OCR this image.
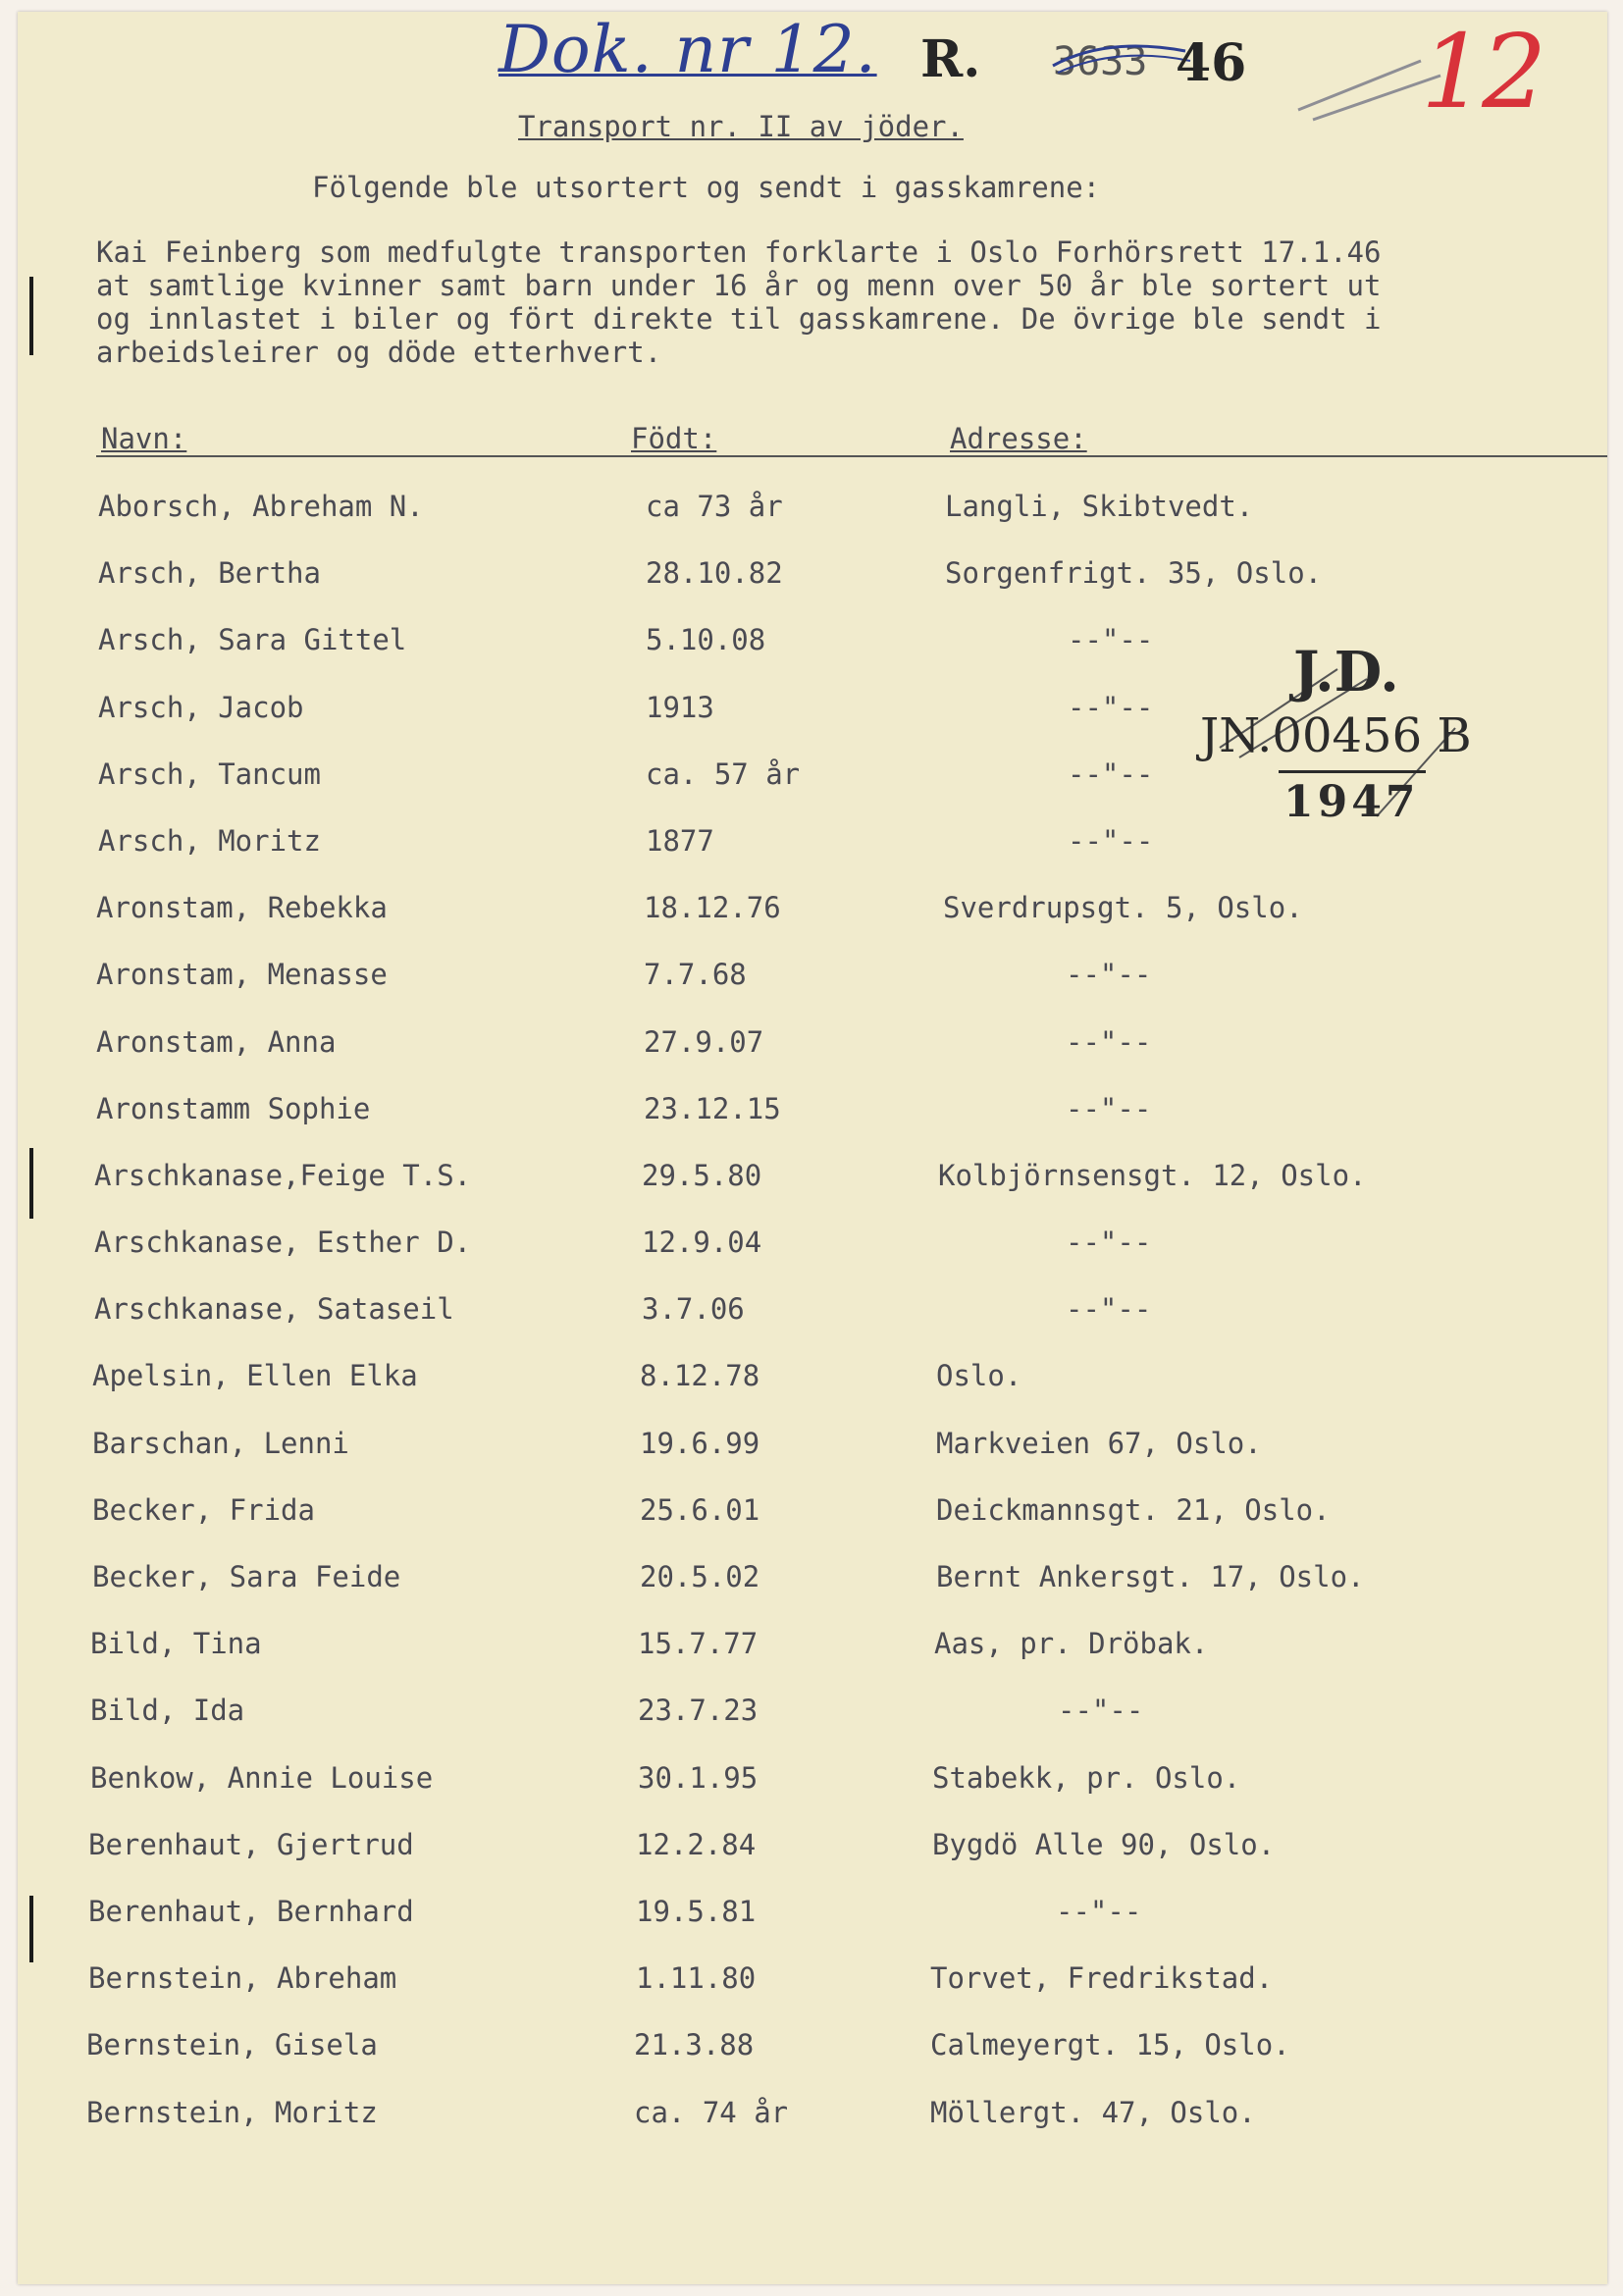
Dok. nr 12. R. 3633 46 12
Transport nr. II av jöder.
Fölgende ble utsortert og sendt i gasskamrene:

Kai Feinberg som medfulgte transporten forklarte i Oslo Forhörsrett 17.1.46
at samtlige kvinner samt barn under 16 år og menn over 50 år ble sortert ut
og innlastet i biler og fört direkte til gasskamrene. De övrige ble sendt i
arbeidsleirer og döde etterhvert.

Navn:	Födt:	Adresse:
Aborsch, Abreham N.	ca 73 år	Langli, Skibtvedt.
Arsch, Bertha	28.10.82	Sorgenfrigt. 35, Oslo.
Arsch, Sara Gittel	5.10.08	--"--
Arsch, Jacob	1913	--"--
Arsch, Tancum	ca. 57 år	--"--
Arsch, Moritz	1877	--"--
Aronstam, Rebekka	18.12.76	Sverdrupsgt. 5, Oslo.
Aronstam, Menasse	7.7.68	--"--
Aronstam, Anna	27.9.07	--"--
Aronstamm Sophie	23.12.15	--"--
Arschkanase,Feige T.S.	29.5.80	Kolbjörnsensgt. 12, Oslo.
Arschkanase, Esther D.	12.9.04	--"--
Arschkanase, Sataseil	3.7.06	--"--
Apelsin, Ellen Elka	8.12.78	Oslo.
Barschan, Lenni	19.6.99	Markveien 67, Oslo.
Becker, Frida	25.6.01	Deickmannsgt. 21, Oslo.
Becker, Sara Feide	20.5.02	Bernt Ankersgt. 17, Oslo.
Bild, Tina	15.7.77	Aas, pr. Dröbak.
Bild, Ida	23.7.23	--"--
Benkow, Annie Louise	30.1.95	Stabekk, pr. Oslo.
Berenhaut, Gjertrud	12.2.84	Bygdö Alle 90, Oslo.
Berenhaut, Bernhard	19.5.81	--"--
Bernstein, Abreham	1.11.80	Torvet, Fredrikstad.
Bernstein, Gisela	21.3.88	Calmeyergt. 15, Oslo.
Bernstein, Moritz	ca. 74 år	Möllergt. 47, Oslo.
J.D.
JN.00456 B
1947
